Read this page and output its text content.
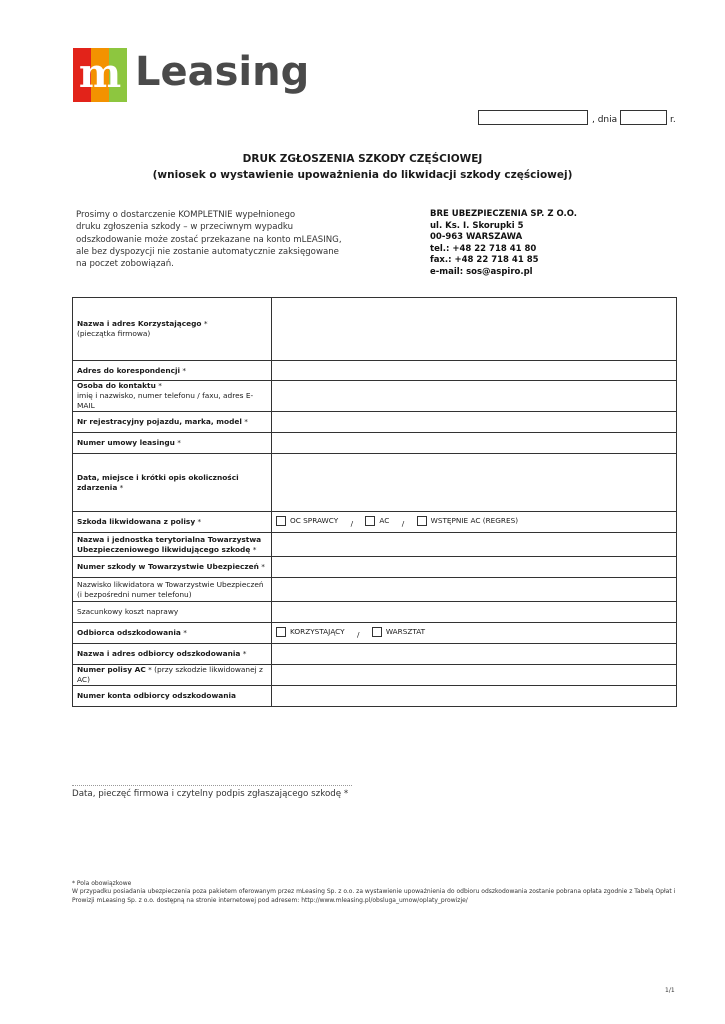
m Leasing
, dnia	r.
DRUK ZGŁOSZENIA SZKODY CZĘŚCIOWEJ
(wniosek o wystawienie upoważnienia do likwidacji szkody częściowej)
Prosimy o dostarczenie KOMPLETNIE wypełnionego
druku zgłoszenia szkody – w przeciwnym wypadku
odszkodowanie może zostać przekazane na konto mLEASING,
ale bez dyspozycji nie zostanie automatycznie zaksięgowane
na poczet zobowiązań.
BRE UBEZPIECZENIA SP. Z O.O.
ul. Ks. I. Skorupki 5
00-963 WARSZAWA
tel.: +48 22 718 41 80
fax.: +48 22 718 41 85
e-mail: sos@aspiro.pl
Nazwa i adres Korzystającego *
(pieczątka firmowa)	
Adres do korespondencji *	
Osoba do kontaktu *
imię i nazwisko, numer telefonu / faxu, adres E-MAIL	
Nr rejestracyjny pojazdu, marka, model *	
Numer umowy leasingu *	
Data, miejsce i krótki opis okoliczności zdarzenia *	
Szkoda likwidowana z polisy *	OC SPRAWCY / AC / WSTĘPNIE AC (REGRES)

Nazwa i jednostka terytorialna Towarzystwa Ubezpieczeniowego likwidującego szkodę *	
Numer szkody w Towarzystwie Ubezpieczeń *	
Nazwisko likwidatora w Towarzystwie Ubezpieczeń
(i bezpośredni numer telefonu)	
Szacunkowy koszt naprawy	
Odbiorca odszkodowania *	KORZYSTAJĄCY / WARSZTAT

Nazwa i adres odbiorcy odszkodowania *	
Numer polisy AC * (przy szkodzie likwidowanej z AC)	
Numer konta odbiorcy odszkodowania	
Data, pieczęć firmowa i czytelny podpis zgłaszającego szkodę *
* Pola obowiązkowe
W przypadku posiadania ubezpieczenia poza pakietem oferowanym przez mLeasing Sp. z o.o. za wystawienie upoważnienia do odbioru odszkodowania zostanie pobrana opłata zgodnie z Tabelą Opłat i Prowizji mLeasing Sp. z o.o. dostępną na stronie internetowej pod adresem: http://www.mleasing.pl/obsluga_umow/oplaty_prowizje/
1/1
